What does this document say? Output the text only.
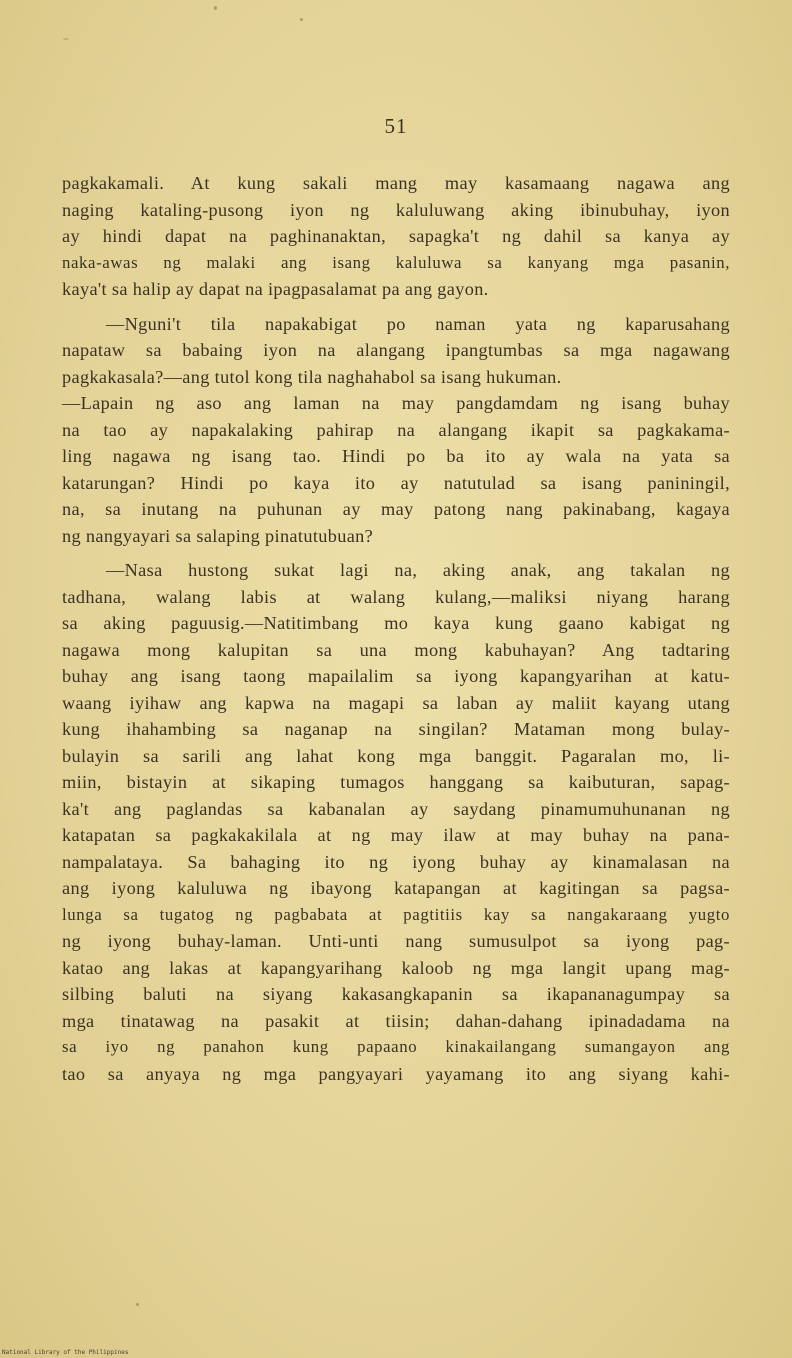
51

pagkakamali. At kung sakali mang may kasamaang nagawa ang
naging kataling-pusong iyon ng kaluluwang aking ibinubuhay, iyon
ay hindi dapat na paghinanaktan, sapagka't ng dahil sa kanya ay
naka-awas ng malaki ang isang kaluluwa sa kanyang mga pasanin,
kaya't sa halip ay dapat na ipagpasalamat pa ang gayon.

—Nguni't tila napakabigat po naman yata ng kaparusahang
napataw sa babaing iyon na alangang ipangtumbas sa mga nagawang
pagkakasala?—ang tutol kong tila naghahabol sa isang hukuman.
—Lapain ng aso ang laman na may pangdamdam ng isang buhay
na tao ay napakalaking pahirap na alangang ikapit sa pagkakama-
ling nagawa ng isang tao. Hindi po ba ito ay wala na yata sa
katarungan? Hindi po kaya ito ay natutulad sa isang paniningil,
na, sa inutang na puhunan ay may patong nang pakinabang, kagaya
ng nangyayari sa salaping pinatutubuan?

—Nasa hustong sukat lagi na, aking anak, ang takalan ng
tadhana, walang labis at walang kulang,—maliksi niyang harang
sa aking paguusig.—Natitimbang mo kaya kung gaano kabigat ng
nagawa mong kalupitan sa una mong kabuhayan? Ang tadtaring
buhay ang isang taong mapailalim sa iyong kapangyarihan at katu-
waang iyihaw ang kapwa na magapi sa laban ay maliit kayang utang
kung ihahambing sa naganap na singilan? Mataman mong bulay-
bulayin sa sarili ang lahat kong mga banggit. Pagaralan mo, li-
miin, bistayin at sikaping tumagos hanggang sa kaibuturan, sapag-
ka't ang paglandas sa kabanalan ay saydang pinamumuhunanan ng
katapatan sa pagkakakilala at ng may ilaw at may buhay na pana-
nampalataya. Sa bahaging ito ng iyong buhay ay kinamalasan na
ang iyong kaluluwa ng ibayong katapangan at kagitingan sa pagsa-
lunga sa tugatog ng pagbabata at pagtitiis kay sa nangakaraang yugto
ng iyong buhay-laman. Unti-unti nang sumusulpot sa iyong pag-
katao ang lakas at kapangyarihang kaloob ng mga langit upang mag-
silbing baluti na siyang kakasangkapanin sa ikapananagumpay sa
mga tinatawag na pasakit at tiisin; dahan-dahang ipinadadama na
sa iyo ng panahon kung papaano kinakailangang sumangayon ang
tao sa anyaya ng mga pangyayari yayamang ito ang siyang kahi-

National Library of the Philippines
